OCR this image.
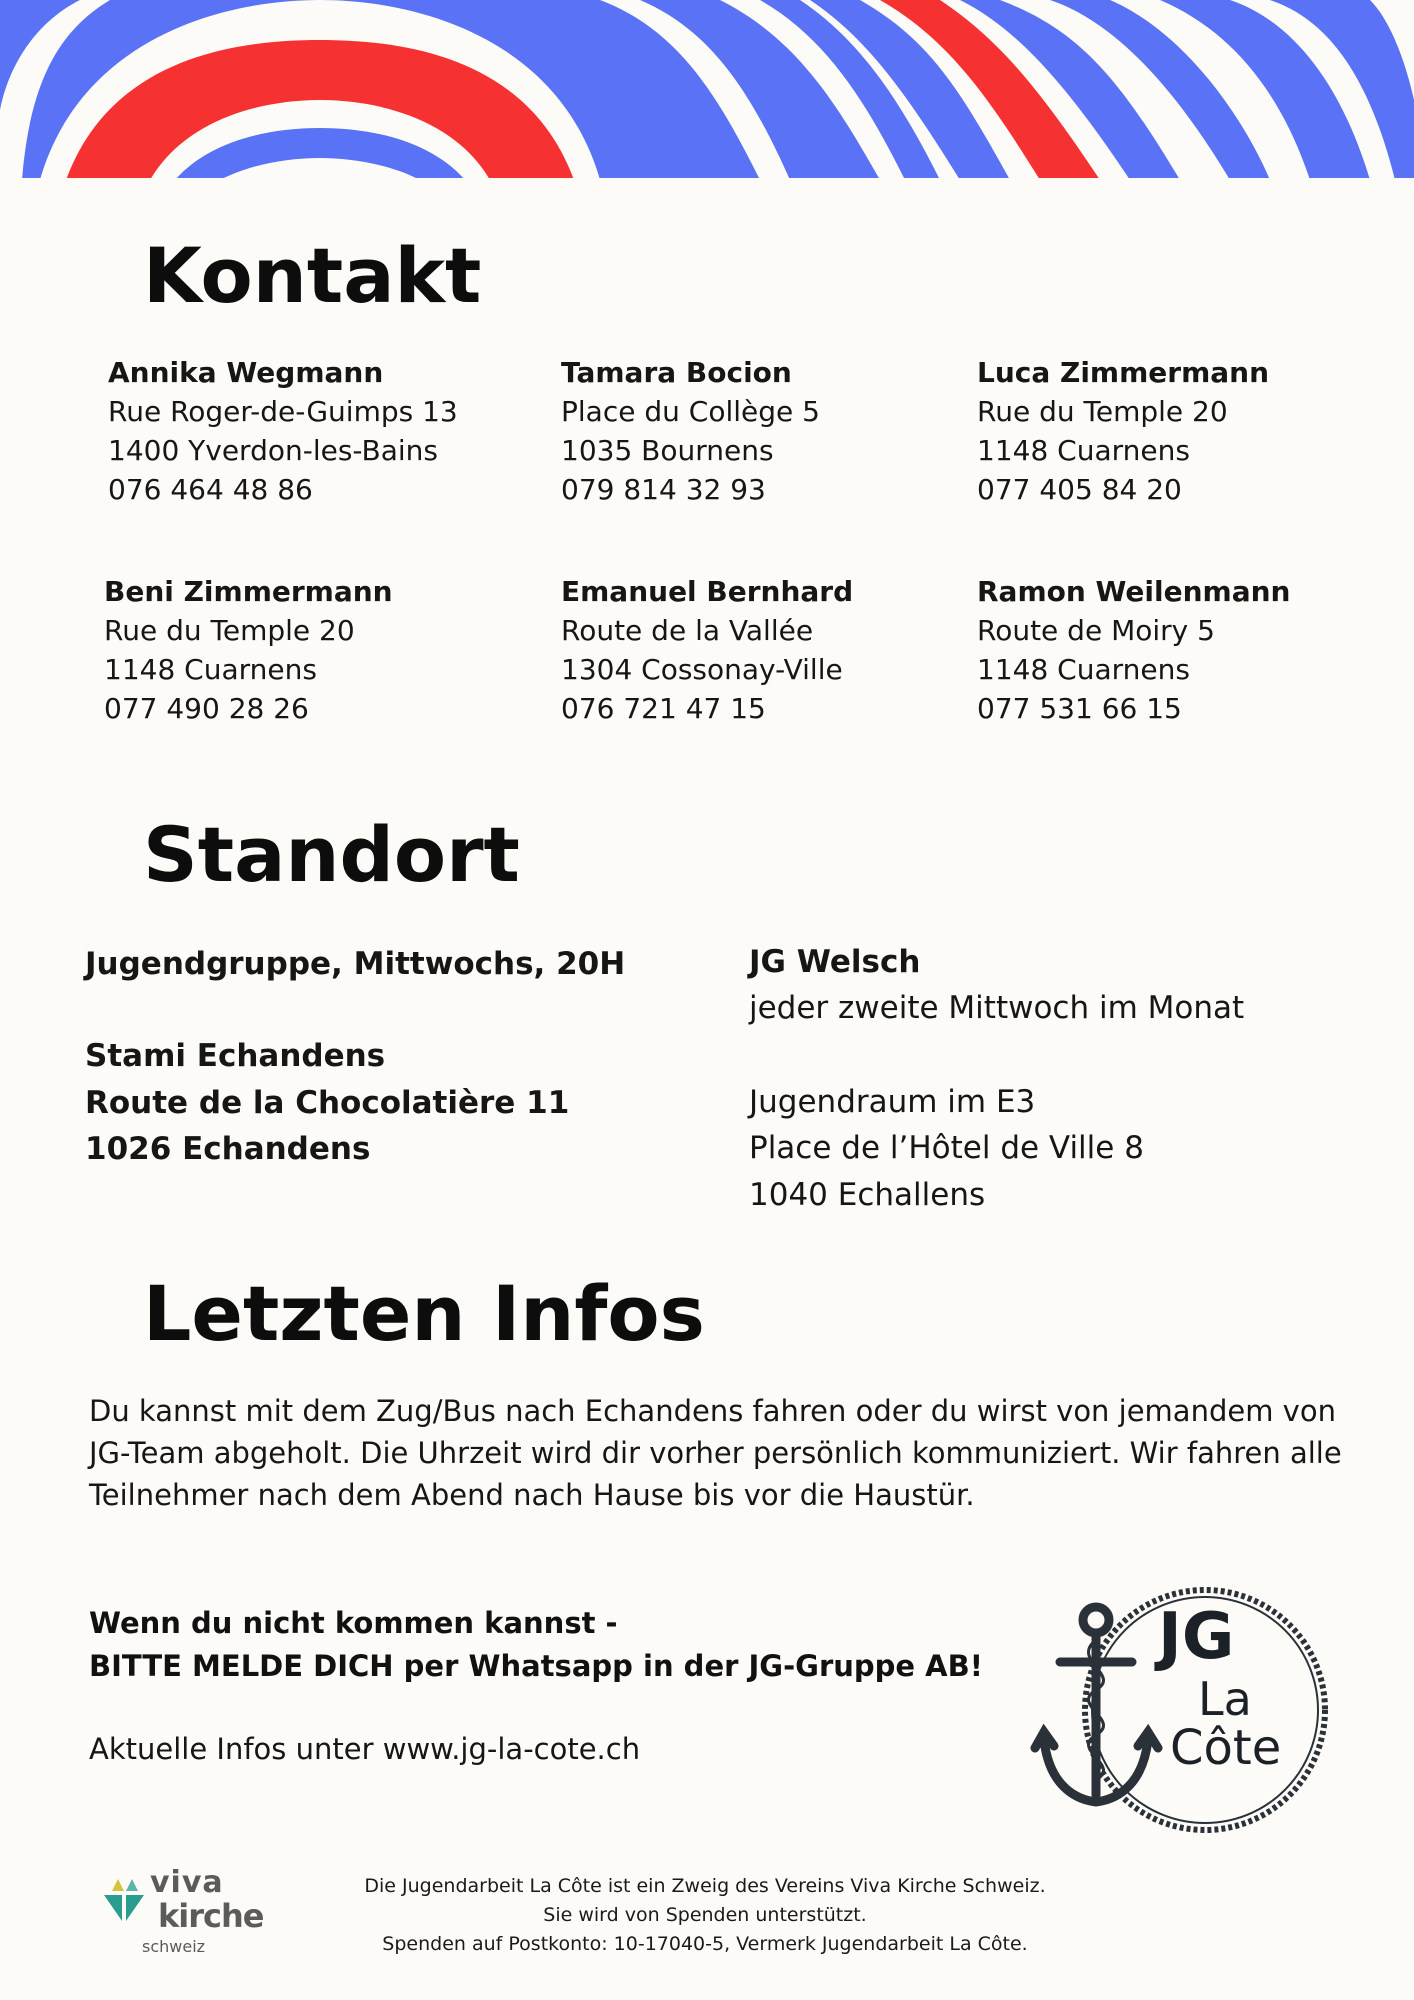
Kontakt
Annika Wegmann
Rue Roger-de-Guimps 13
1400 Yverdon-les-Bains
076 464 48 86
Tamara Bocion
Place du Collège 5
1035 Bournens
079 814 32 93
Luca Zimmermann
Rue du Temple 20
1148 Cuarnens
077 405 84 20
Beni Zimmermann
Rue du Temple 20
1148 Cuarnens
077 490 28 26
Emanuel Bernhard
Route de la Vallée
1304 Cossonay-Ville
076 721 47 15
Ramon Weilenmann
Route de Moiry 5
1148 Cuarnens
077 531 66 15
Standort
Jugendgruppe, Mittwochs, 20H
Stami Echandens
Route de la Chocolatière 11
1026 Echandens
JG Welsch
jeder zweite Mittwoch im Monat
Jugendraum im E3
Place de l’Hôtel de Ville 8
1040 Echallens
Letzten Infos
Du kannst mit dem Zug/Bus nach Echandens fahren oder du wirst von jemandem von JG-Team abgeholt. Die Uhrzeit wird dir vorher persönlich kommuniziert. Wir fahren alle Teilnehmer nach dem Abend nach Hause bis vor die Haustür.
Wenn du nicht kommen kannst -
BITTE MELDE DICH per Whatsapp in der JG-Gruppe AB!
Aktuelle Infos unter www.jg-la-cote.ch
JG
La
Côte
viva
kirche
schweiz
Die Jugendarbeit La Côte ist ein Zweig des Vereins Viva Kirche Schweiz.
Sie wird von Spenden unterstützt.
Spenden auf Postkonto: 10-17040-5, Vermerk Jugendarbeit La Côte.
